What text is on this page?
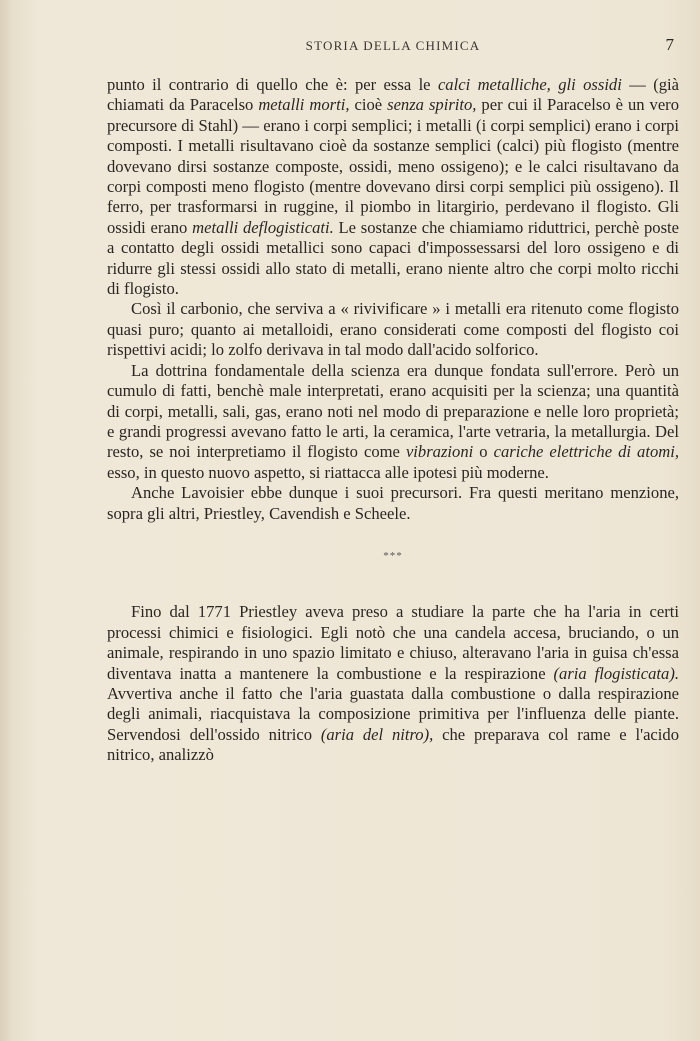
STORIA DELLA CHIMICA	7

punto il contrario di quello che è: per essa le calci metalliche, gli ossidi — (già chiamati da Paracelso metalli morti, cioè senza spirito, per cui il Paracelso è un vero precursore di Stahl) — erano i corpi semplici; i metalli (i corpi semplici) erano i corpi composti. I metalli risultavano cioè da sostanze semplici (calci) più flogisto (mentre dovevano dirsi sostanze composte, ossidi, meno ossigeno); e le calci risultavano da corpi composti meno flogisto (mentre dovevano dirsi corpi semplici più ossigeno). Il ferro, per trasformarsi in ruggine, il piombo in litargirio, perdevano il flogisto. Gli ossidi erano metalli deflogisticati. Le sostanze che chiamiamo riduttrici, perchè poste a contatto degli ossidi metallici sono capaci d'impossessarsi del loro ossigeno e di ridurre gli stessi ossidi allo stato di metalli, erano niente altro che corpi molto ricchi di flogisto.

Così il carbonio, che serviva a « rivivificare » i metalli era ritenuto come flogisto quasi puro; quanto ai metalloidi, erano considerati come composti del flogisto coi rispettivi acidi; lo zolfo derivava in tal modo dall'acido solforico.

La dottrina fondamentale della scienza era dunque fondata sull'errore. Però un cumulo di fatti, benchè male interpretati, erano acquisiti per la scienza; una quantità di corpi, metalli, sali, gas, erano noti nel modo di preparazione e nelle loro proprietà; e grandi progressi avevano fatto le arti, la ceramica, l'arte vetraria, la metallurgia. Del resto, se noi interpretiamo il flogisto come vibrazioni o cariche elettriche di atomi, esso, in questo nuovo aspetto, si riattacca alle ipotesi più moderne.

Anche Lavoisier ebbe dunque i suoi precursori. Fra questi meritano menzione, sopra gli altri, Priestley, Cavendish e Scheele.

***

Fino dal 1771 Priestley aveva preso a studiare la parte che ha l'aria in certi processi chimici e fisiologici. Egli notò che una candela accesa, bruciando, o un animale, respirando in uno spazio limitato e chiuso, alteravano l'aria in guisa ch'essa diventava inatta a mantenere la combustione e la respirazione (aria flogisticata). Avvertiva anche il fatto che l'aria guastata dalla combustione o dalla respirazione degli animali, riacquistava la composizione primitiva per l'influenza delle piante. Servendosi dell'ossido nitrico (aria del nitro), che preparava col rame e l'acido nitrico, analizzò
